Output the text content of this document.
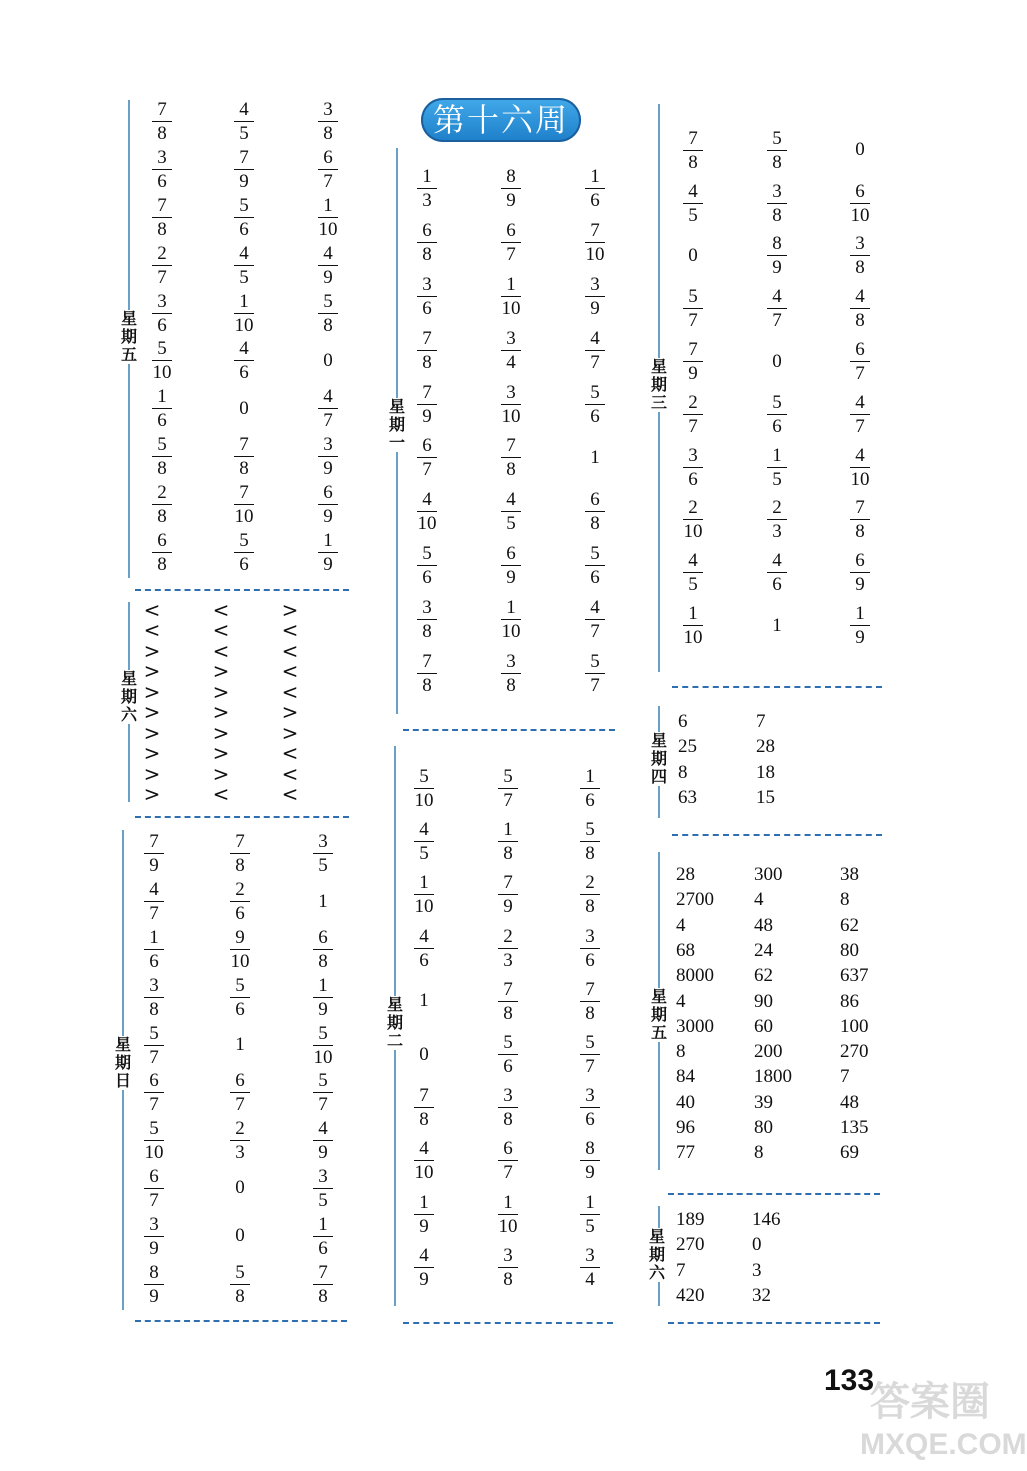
第十六周
133
答案圈
MXQE.COM
星期五
星期六
星期日
星期一
星期二
星期三
星期四
星期五
星期六
$\frac{7}{8}$
$\frac{3}{6}$
$\frac{7}{8}$
$\frac{2}{7}$
$\frac{3}{6}$
$\frac{5}{10}$
$\frac{1}{6}$
$\frac{5}{8}$
$\frac{2}{8}$
$\frac{6}{8}$
$\frac{4}{5}$
$\frac{7}{9}$
$\frac{5}{6}$
$\frac{4}{5}$
$\frac{1}{10}$
$\frac{4}{6}$
0
$\frac{7}{8}$
$\frac{7}{10}$
$\frac{5}{6}$
$\frac{3}{8}$
$\frac{6}{7}$
$\frac{1}{10}$
$\frac{4}{9}$
$\frac{5}{8}$
0
$\frac{4}{7}$
$\frac{3}{9}$
$\frac{6}{9}$
$\frac{1}{9}$
<
<
>
>
>
>
>
>
>
>
<
<
<
>
>
>
>
>
>
<
>
<
<
<
<
>
>
<
<
<
$\frac{7}{9}$
$\frac{4}{7}$
$\frac{1}{6}$
$\frac{3}{8}$
$\frac{5}{7}$
$\frac{6}{7}$
$\frac{5}{10}$
$\frac{6}{7}$
$\frac{3}{9}$
$\frac{8}{9}$
$\frac{7}{8}$
$\frac{2}{6}$
$\frac{9}{10}$
$\frac{5}{6}$
1
$\frac{6}{7}$
$\frac{2}{3}$
0
0
$\frac{5}{8}$
$\frac{3}{5}$
1
$\frac{6}{8}$
$\frac{1}{9}$
$\frac{5}{10}$
$\frac{5}{7}$
$\frac{4}{9}$
$\frac{3}{5}$
$\frac{1}{6}$
$\frac{7}{8}$
$\frac{1}{3}$
$\frac{6}{8}$
$\frac{3}{6}$
$\frac{7}{8}$
$\frac{7}{9}$
$\frac{6}{7}$
$\frac{4}{10}$
$\frac{5}{6}$
$\frac{3}{8}$
$\frac{7}{8}$
$\frac{8}{9}$
$\frac{6}{7}$
$\frac{1}{10}$
$\frac{3}{4}$
$\frac{3}{10}$
$\frac{7}{8}$
$\frac{4}{5}$
$\frac{6}{9}$
$\frac{1}{10}$
$\frac{3}{8}$
$\frac{1}{6}$
$\frac{7}{10}$
$\frac{3}{9}$
$\frac{4}{7}$
$\frac{5}{6}$
1
$\frac{6}{8}$
$\frac{5}{6}$
$\frac{4}{7}$
$\frac{5}{7}$
$\frac{5}{10}$
$\frac{4}{5}$
$\frac{1}{10}$
$\frac{4}{6}$
1
0
$\frac{7}{8}$
$\frac{4}{10}$
$\frac{1}{9}$
$\frac{4}{9}$
$\frac{5}{7}$
$\frac{1}{8}$
$\frac{7}{9}$
$\frac{2}{3}$
$\frac{7}{8}$
$\frac{5}{6}$
$\frac{3}{8}$
$\frac{6}{7}$
$\frac{1}{10}$
$\frac{3}{8}$
$\frac{1}{6}$
$\frac{5}{8}$
$\frac{2}{8}$
$\frac{3}{6}$
$\frac{7}{8}$
$\frac{5}{7}$
$\frac{3}{6}$
$\frac{8}{9}$
$\frac{1}{5}$
$\frac{3}{4}$
$\frac{7}{8}$
$\frac{4}{5}$
0
$\frac{5}{7}$
$\frac{7}{9}$
$\frac{2}{7}$
$\frac{3}{6}$
$\frac{2}{10}$
$\frac{4}{5}$
$\frac{1}{10}$
$\frac{5}{8}$
$\frac{3}{8}$
$\frac{8}{9}$
$\frac{4}{7}$
0
$\frac{5}{6}$
$\frac{1}{5}$
$\frac{2}{3}$
$\frac{4}{6}$
1
0
$\frac{6}{10}$
$\frac{3}{8}$
$\frac{4}{8}$
$\frac{6}{7}$
$\frac{4}{7}$
$\frac{4}{10}$
$\frac{7}{8}$
$\frac{6}{9}$
$\frac{1}{9}$
6
25
8
63
7
28
18
15
28
2700
4
68
8000
4
3000
8
84
40
96
77
300
4
48
24
62
90
60
200
1800
39
80
8
38
8
62
80
637
86
100
270
7
48
135
69
189
270
7
420
146
0
3
32
